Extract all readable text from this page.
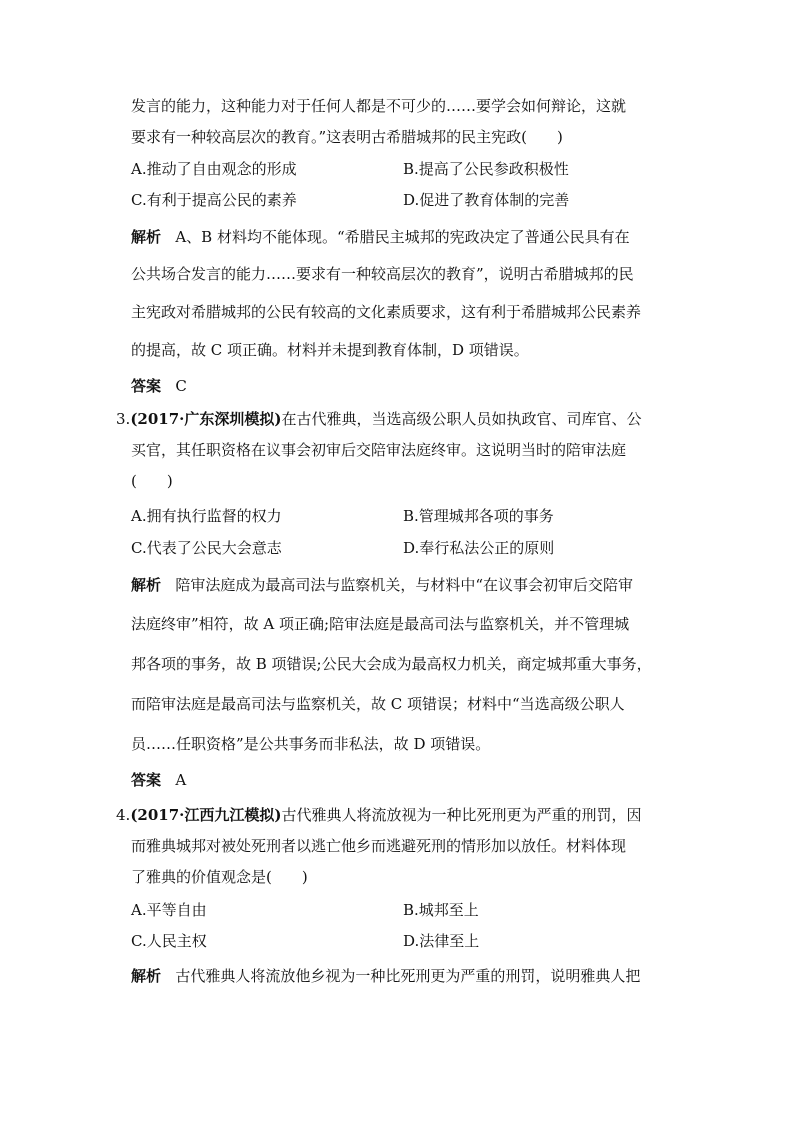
发言的能力，这种能力对于任何人都是不可少的……要学会如何辩论，这就
要求有一种较高层次的教育。”这表明古希腊城邦的民主宪政(　　)
A.推动了自由观念的形成	B.提高了公民参政积极性
C.有利于提高公民的素养	D.促进了教育体制的完善
解析 A、B 材料均不能体现。“希腊民主城邦的宪政决定了普通公民具有在
公共场合发言的能力……要求有一种较高层次的教育”，说明古希腊城邦的民
主宪政对希腊城邦的公民有较高的文化素质要求，这有利于希腊城邦公民素养
的提高，故 C 项正确。材料并未提到教育体制，D 项错误。
答案 C
3.(2017·广东深圳模拟)在古代雅典，当选高级公职人员如执政官、司库官、公
买官，其任职资格在议事会初审后交陪审法庭终审。这说明当时的陪审法庭
(　　)
A.拥有执行监督的权力	B.管理城邦各项的事务
C.代表了公民大会意志	D.奉行私法公正的原则
解析 陪审法庭成为最高司法与监察机关，与材料中“在议事会初审后交陪审
法庭终审”相符，故 A 项正确;陪审法庭是最高司法与监察机关，并不管理城
邦各项的事务，故 B 项错误;公民大会成为最高权力机关，商定城邦重大事务，
而陪审法庭是最高司法与监察机关，故 C 项错误；材料中“当选高级公职人
员……任职资格”是公共事务而非私法，故 D 项错误。
答案 A
4.(2017·江西九江模拟)古代雅典人将流放视为一种比死刑更为严重的刑罚，因
而雅典城邦对被处死刑者以逃亡他乡而逃避死刑的情形加以放任。材料体现
了雅典的价值观念是(　　)
A.平等自由	B.城邦至上
C.人民主权	D.法律至上
解析 古代雅典人将流放他乡视为一种比死刑更为严重的刑罚，说明雅典人把
